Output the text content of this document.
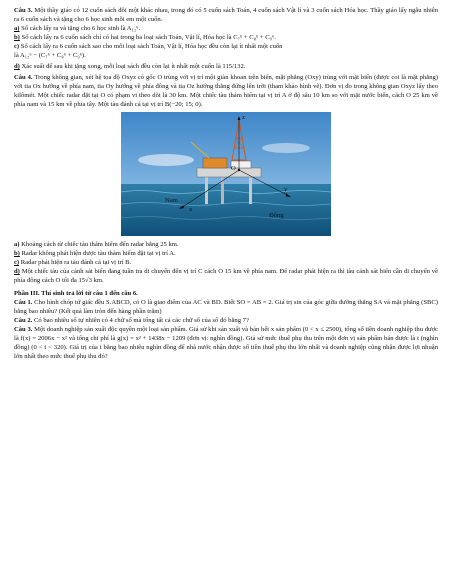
Câu 3. Một thầy giáo có 12 cuốn sách đôi một khác nhau, trong đó có 5 cuốn sách Toán, 4 cuốn sách Vật lí và 3 cuốn sách Hóa học. Thầy giáo lấy ngẫu nhiên ra 6 cuốn sách và tặng cho 6 học sinh mỗi em một cuốn.

a) Số cách lấy ra và tặng cho 6 học sinh là A₁₂⁶.

b) Số cách lấy ra 6 cuốn sách chỉ có hai trong ba loại sách Toán, Vật lí, Hóa học là C₇⁶ + C₈⁶ + C₉⁶.

c) Số cách lấy ra 6 cuốn sách sao cho mỗi loại sách Toán, Vật lí, Hóa học đều còn lại ít nhất một cuốn

là A₁₂⁶ − (C₇⁶ + C₈⁶ + C₉⁶).

d) Xác suất để sau khi tặng xong, mỗi loại sách đều còn lại ít nhất một cuốn là 115/132.

Câu 4. Trong không gian, xét hệ tọa độ Oxyz có gốc O trùng với vị trí một giàn khoan trên biển, mặt phẳng (Oxy) trùng với mặt biển (được coi là mặt phẳng) với tia Ox hướng về phía nam, tia Oy hướng về phía đông và tia Oz hướng thẳng đứng lên trời (tham khảo hình vẽ). Đơn vị đo trong không gian Oxyz lấy theo kilômét. Một chiếc radar đặt tại O có phạm vi theo dõi là 30 km. Một chiếc tàu thám hiểm tại vị trí A ở độ sâu 10 km so với mặt nước biển, cách O 25 km về phía nam và 15 km về phía tây. Một tàu đánh cá tại vị trí B(−20; 15; 0).

z
O
Nam
x
y
Đông

a) Khoảng cách từ chiếc tàu thám hiểm đến radar bằng 25 km.

b) Radar không phát hiện được tàu thám hiểm đặt tại vị trí A.

c) Radar phát hiện ra tàu đánh cá tại vị trí B.

d) Một chiếc tàu của cảnh sát biển đang tuần tra di chuyển đến vị trí C cách O 15 km về phía nam. Để radar phát hiện ra thì tàu cảnh sát biển cần di chuyển về phía đông cách O tối đa 15√3 km.

Phần III. Thí sinh trả lời từ câu 1 đến câu 6.

Câu 1. Cho hình chóp tứ giác đều S.ABCD, có O là giao điểm của AC và BD. Biết SO = AB = 2. Giá trị sin của góc giữa đường thẳng SA và mặt phẳng (SBC) bằng bao nhiêu? (Kết quả làm tròn đến hàng phần trăm)

Câu 2. Có bao nhiêu số tự nhiên có 4 chữ số mà tổng tất cả các chữ số của số đó bằng 7?

Câu 3. Một doanh nghiệp sản xuất độc quyền một loại sản phẩm. Giả sử khi sản xuất và bán hết x sản phẩm (0 < x ≤ 2500), tổng số tiền doanh nghiệp thu được là f(x) = 2006x − x² và tổng chi phí là g(x) = x² + 1438x − 1209 (đơn vị: nghìn đồng). Giả sử mức thuế phụ thu trên một đơn vị sản phẩm bán được là t (nghìn đồng) (0 < t < 320). Giá trị của t bằng bao nhiêu nghìn đồng để nhà nước nhận được số tiền thuế phụ thu lớn nhất và doanh nghiệp cũng nhận được lợi nhuận lớn nhất theo mức thuế phụ thu đó?
